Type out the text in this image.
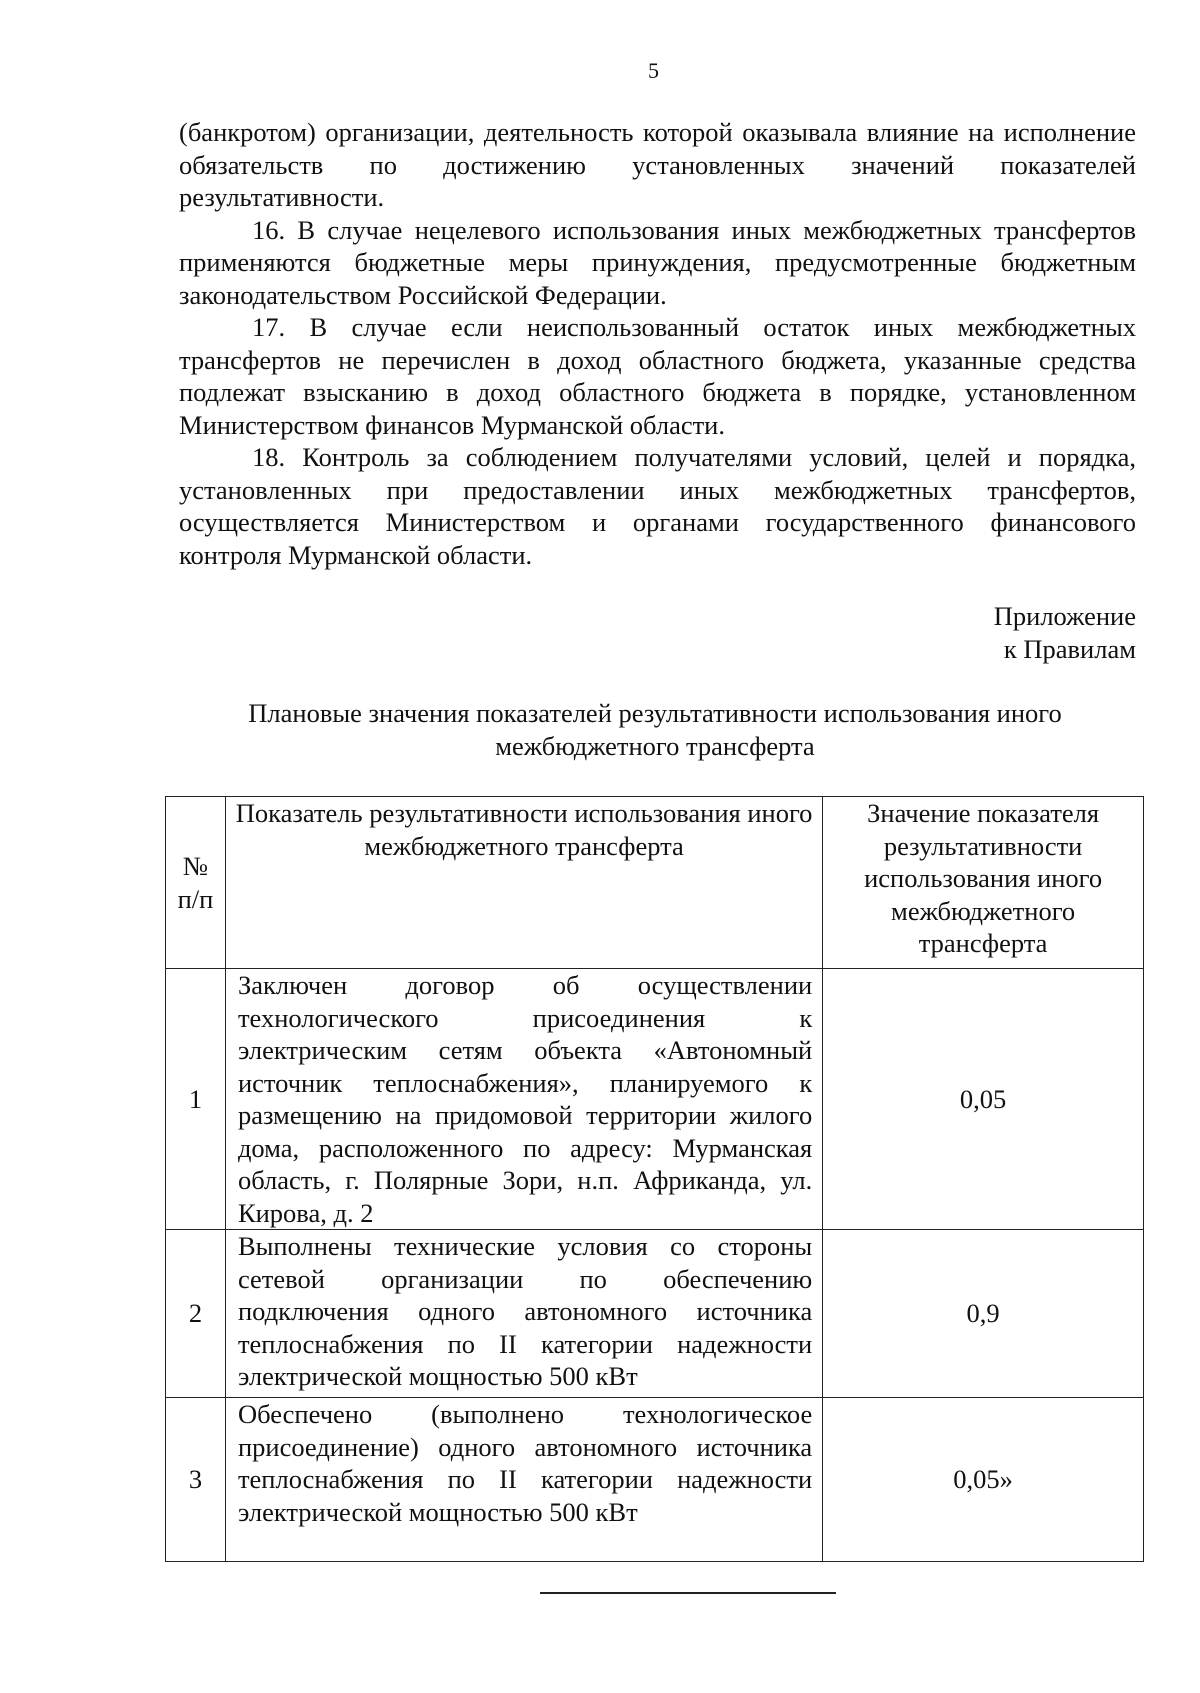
5

(банкротом) организации, деятельность которой оказывала влияние на исполнение обязательств по достижению установленных значений показателей результативности.

16. В случае нецелевого использования иных межбюджетных трансфертов применяются бюджетные меры принуждения, предусмотренные бюджетным законодательством Российской Федерации.

17. В случае если неиспользованный остаток иных межбюджетных трансфертов не перечислен в доход областного бюджета, указанные средства подлежат взысканию в доход областного бюджета в порядке, установленном Министерством финансов Мурманской области.

18. Контроль за соблюдением получателями условий, целей и порядка, установленных при предоставлении иных межбюджетных трансфертов, осуществляется Министерством и органами государственного финансового контроля Мурманской области.

Приложение
к Правилам
Плановые значения показателей результативности использования иного межбюджетного трансферта
№ п/п	Показатель результативности использования иного межбюджетного трансферта	Значение показателя результативности использования иного межбюджетного трансферта
1	Заключен договор об осуществлении технологического присоединения к электрическим сетям объекта «Автономный источник теплоснабжения», планируемого к размещению на придомовой территории жилого дома, расположенного по адресу: Мурманская область, г. Полярные Зори, н.п. Африканда, ул. Кирова, д. 2	0,05
2	Выполнены технические условия со стороны сетевой организации по обеспечению подключения одного автономного источника теплоснабжения по II категории надежности электрической мощностью 500 кВт	0,9
3	Обеспечено (выполнено технологическое присоединение) одного автономного источника теплоснабжения по II категории надежности электрической мощностью 500 кВт	0,05»
